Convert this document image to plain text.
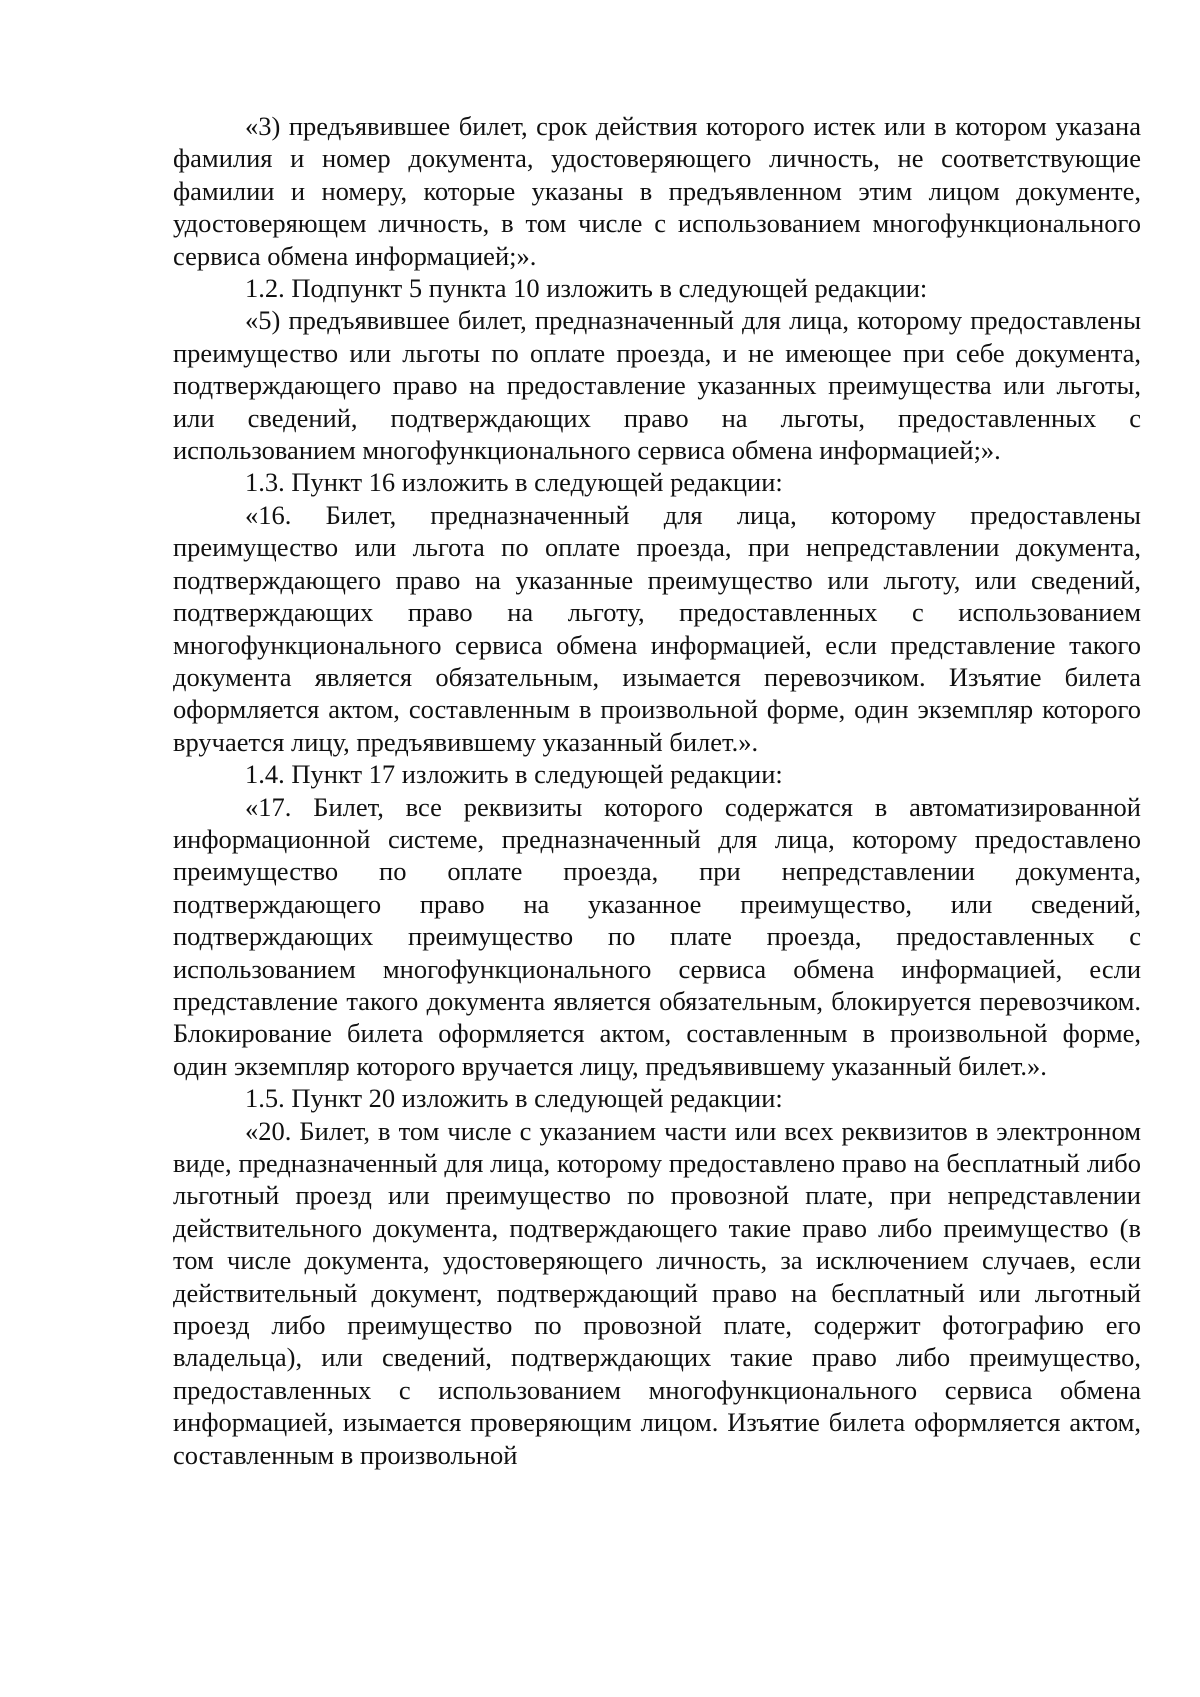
«3) предъявившее билет, срок действия которого истек или в котором указана фамилия и номер документа, удостоверяющего личность, не соответствующие фамилии и номеру, которые указаны в предъявленном этим лицом документе, удостоверяющем личность, в том числе с использованием многофункционального сервиса обмена информацией;».

1.2. Подпункт 5 пункта 10 изложить в следующей редакции:

«5) предъявившее билет, предназначенный для лица, которому предоставлены преимущество или льготы по оплате проезда, и не имеющее при себе документа, подтверждающего право на предоставление указанных преимущества или льготы, или сведений, подтверждающих право на льготы, предоставленных с использованием многофункционального сервиса обмена информацией;».

1.3. Пункт 16 изложить в следующей редакции:

«16. Билет, предназначенный для лица, которому предоставлены преимущество или льгота по оплате проезда, при непредставлении документа, подтверждающего право на указанные преимущество или льготу, или сведений, подтверждающих право на льготу, предоставленных с использованием многофункционального сервиса обмена информацией, если представление такого документа является обязательным, изымается перевозчиком. Изъятие билета оформляется актом, составленным в произвольной форме, один экземпляр которого вручается лицу, предъявившему указанный билет.».

1.4. Пункт 17 изложить в следующей редакции:

«17. Билет, все реквизиты которого содержатся в автоматизированной информационной системе, предназначенный для лица, которому предоставлено преимущество по оплате проезда, при непредставлении документа, подтверждающего право на указанное преимущество, или сведений, подтверждающих преимущество по плате проезда, предоставленных с использованием многофункционального сервиса обмена информацией, если представление такого документа является обязательным, блокируется перевозчиком. Блокирование билета оформляется актом, составленным в произвольной форме, один экземпляр которого вручается лицу, предъявившему указанный билет.».

1.5. Пункт 20 изложить в следующей редакции:

«20. Билет, в том числе с указанием части или всех реквизитов в электронном виде, предназначенный для лица, которому предоставлено право на бесплатный либо льготный проезд или преимущество по провозной плате, при непредставлении действительного документа, подтверждающего такие право либо преимущество (в том числе документа, удостоверяющего личность, за исключением случаев, если действительный документ, подтверждающий право на бесплатный или льготный проезд либо преимущество по провозной плате, содержит фотографию его владельца), или сведений, подтверждающих такие право либо преимущество, предоставленных с использованием многофункционального сервиса обмена информацией, изымается проверяющим лицом. Изъятие билета оформляется актом, составленным в произвольной
